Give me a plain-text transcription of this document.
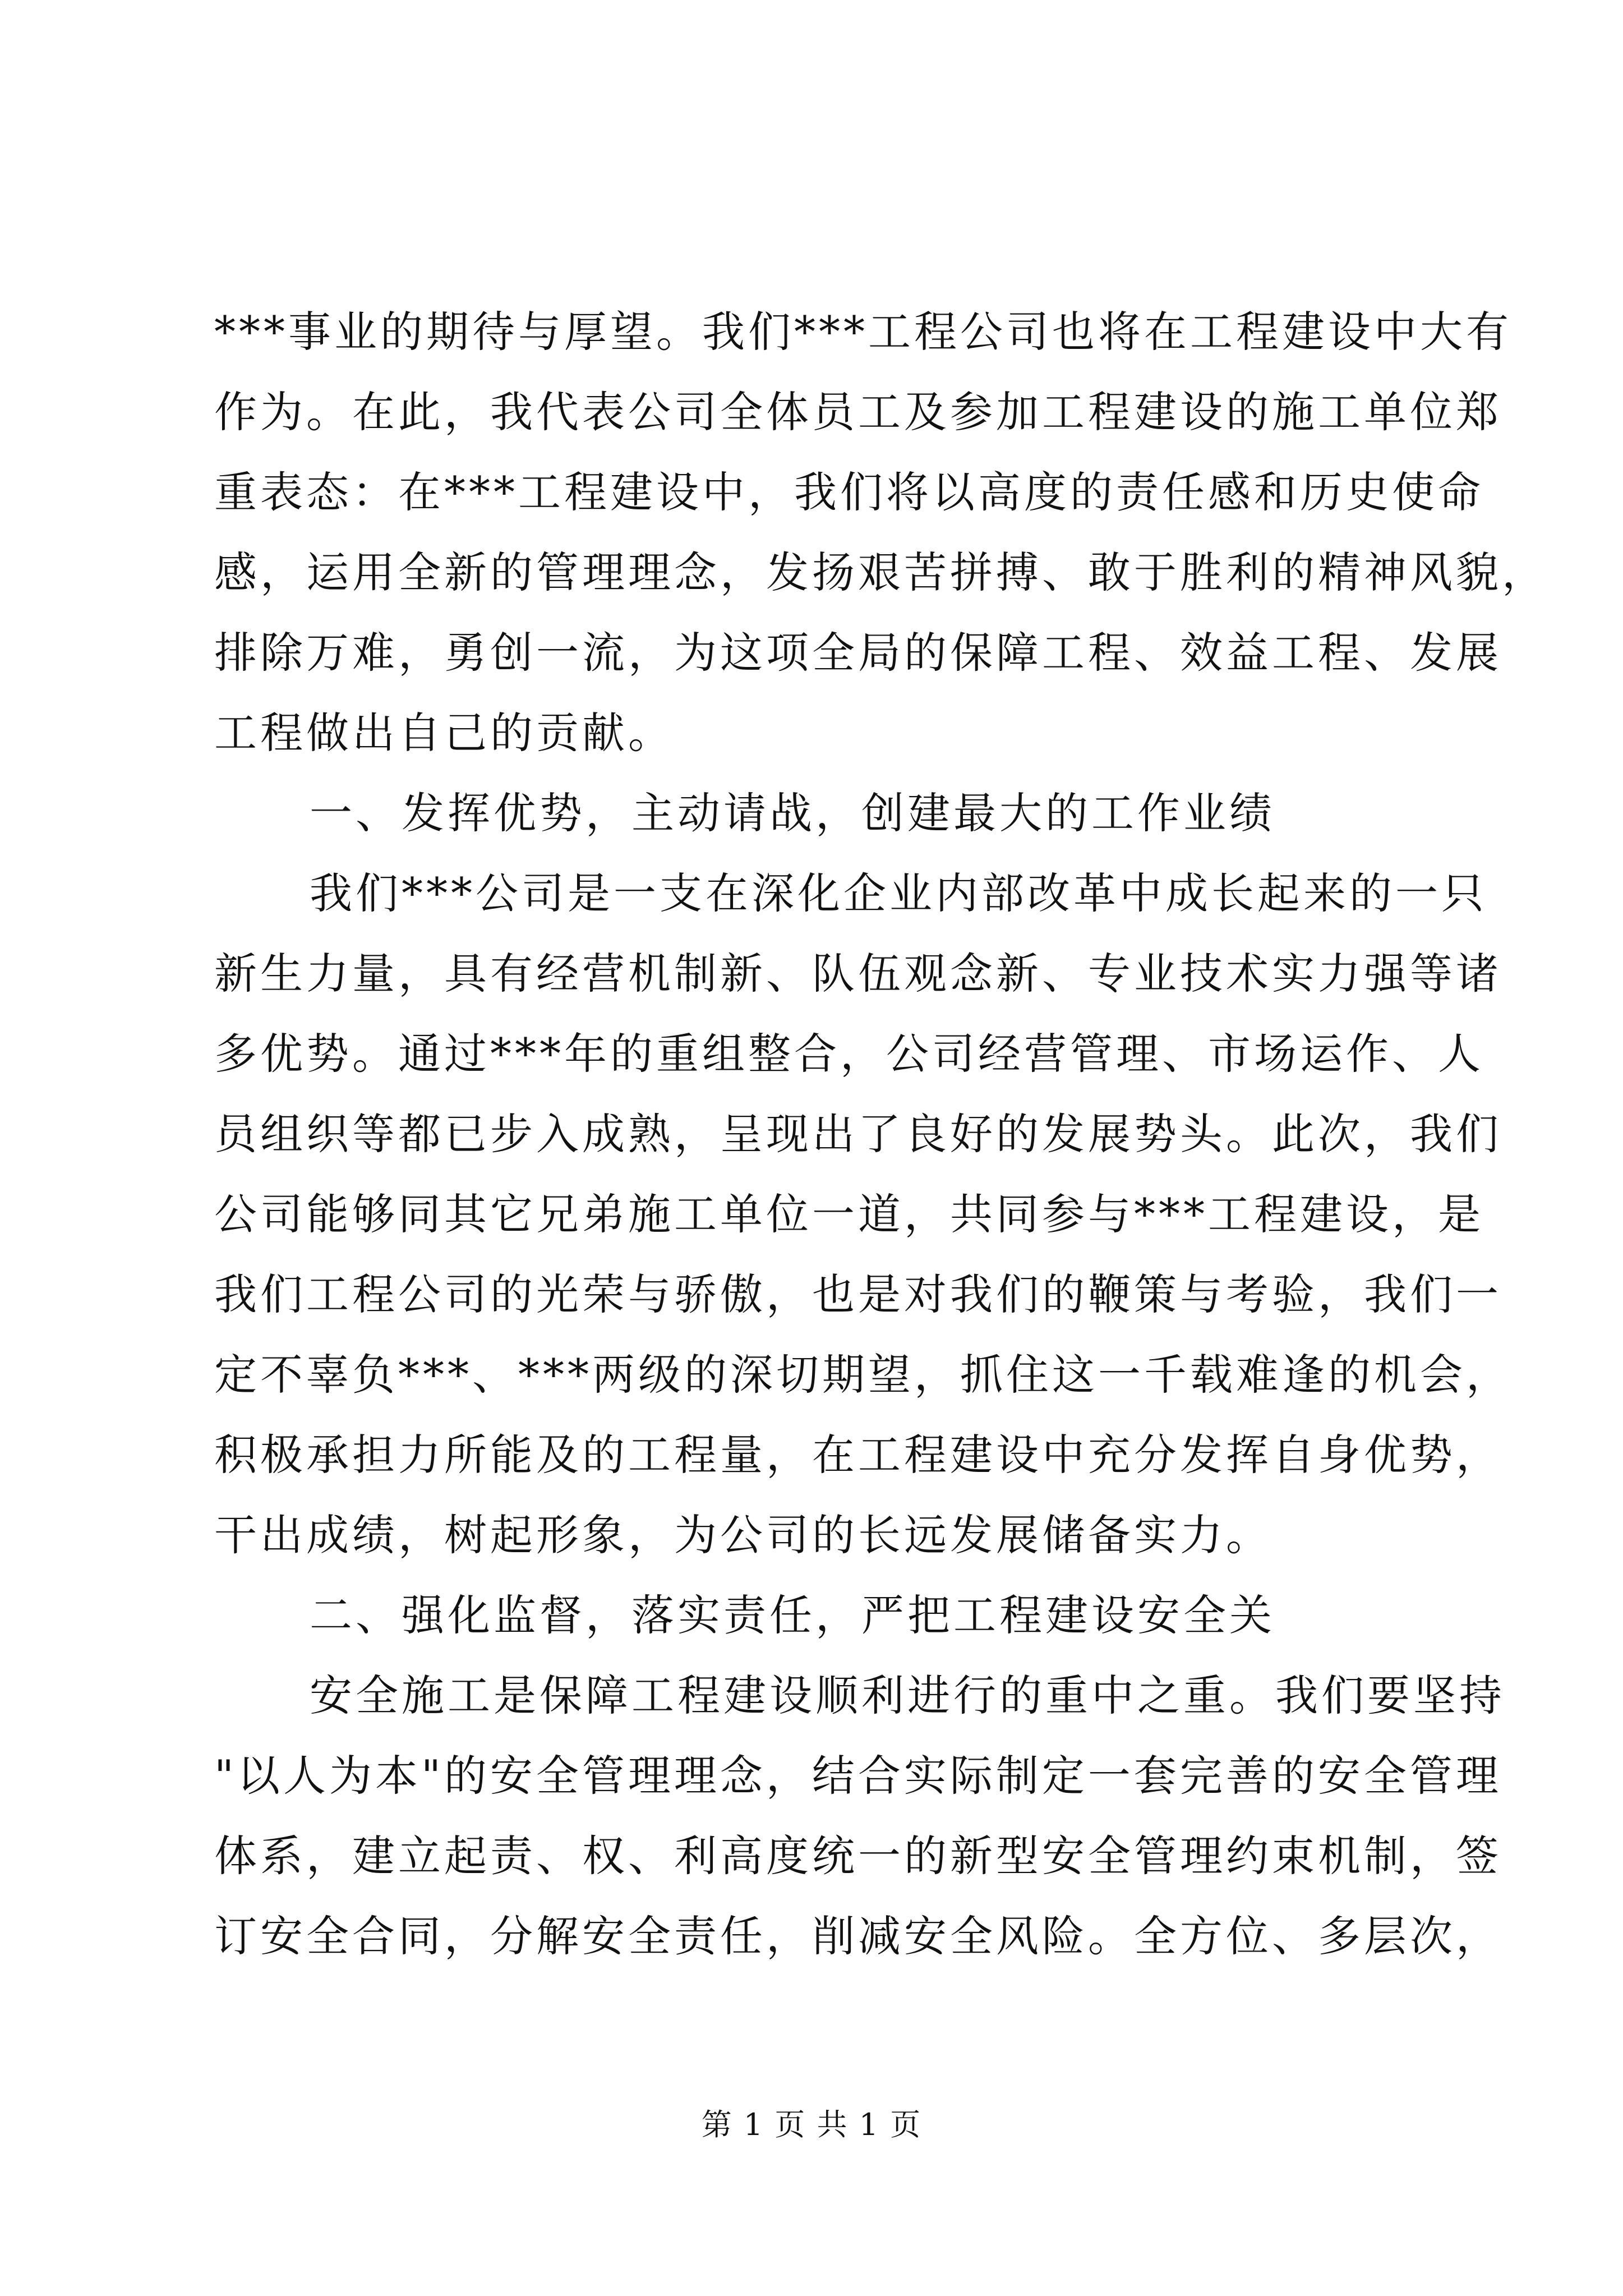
***事业的期待与厚望。我们***工程公司也将在工程建设中大有
作为。在此，我代表公司全体员工及参加工程建设的施工单位郑
重表态：在***工程建设中，我们将以高度的责任感和历史使命
感，运用全新的管理理念，发扬艰苦拼搏、敢于胜利的精神风貌，
排除万难，勇创一流，为这项全局的保障工程、效益工程、发展
工程做出自己的贡献。
一、发挥优势，主动请战，创建最大的工作业绩
我们***公司是一支在深化企业内部改革中成长起来的一只
新生力量，具有经营机制新、队伍观念新、专业技术实力强等诸
多优势。通过***年的重组整合，公司经营管理、市场运作、人
员组织等都已步入成熟，呈现出了良好的发展势头。此次，我们
公司能够同其它兄弟施工单位一道，共同参与***工程建设，是
我们工程公司的光荣与骄傲，也是对我们的鞭策与考验，我们一
定不辜负***、***两级的深切期望，抓住这一千载难逢的机会，
积极承担力所能及的工程量，在工程建设中充分发挥自身优势，
干出成绩，树起形象，为公司的长远发展储备实力。
二、强化监督，落实责任，严把工程建设安全关
安全施工是保障工程建设顺利进行的重中之重。我们要坚持
"以人为本"的安全管理理念，结合实际制定一套完善的安全管理
体系，建立起责、权、利高度统一的新型安全管理约束机制，签
订安全合同，分解安全责任，削减安全风险。全方位、多层次，
第 1 页 共 1 页
